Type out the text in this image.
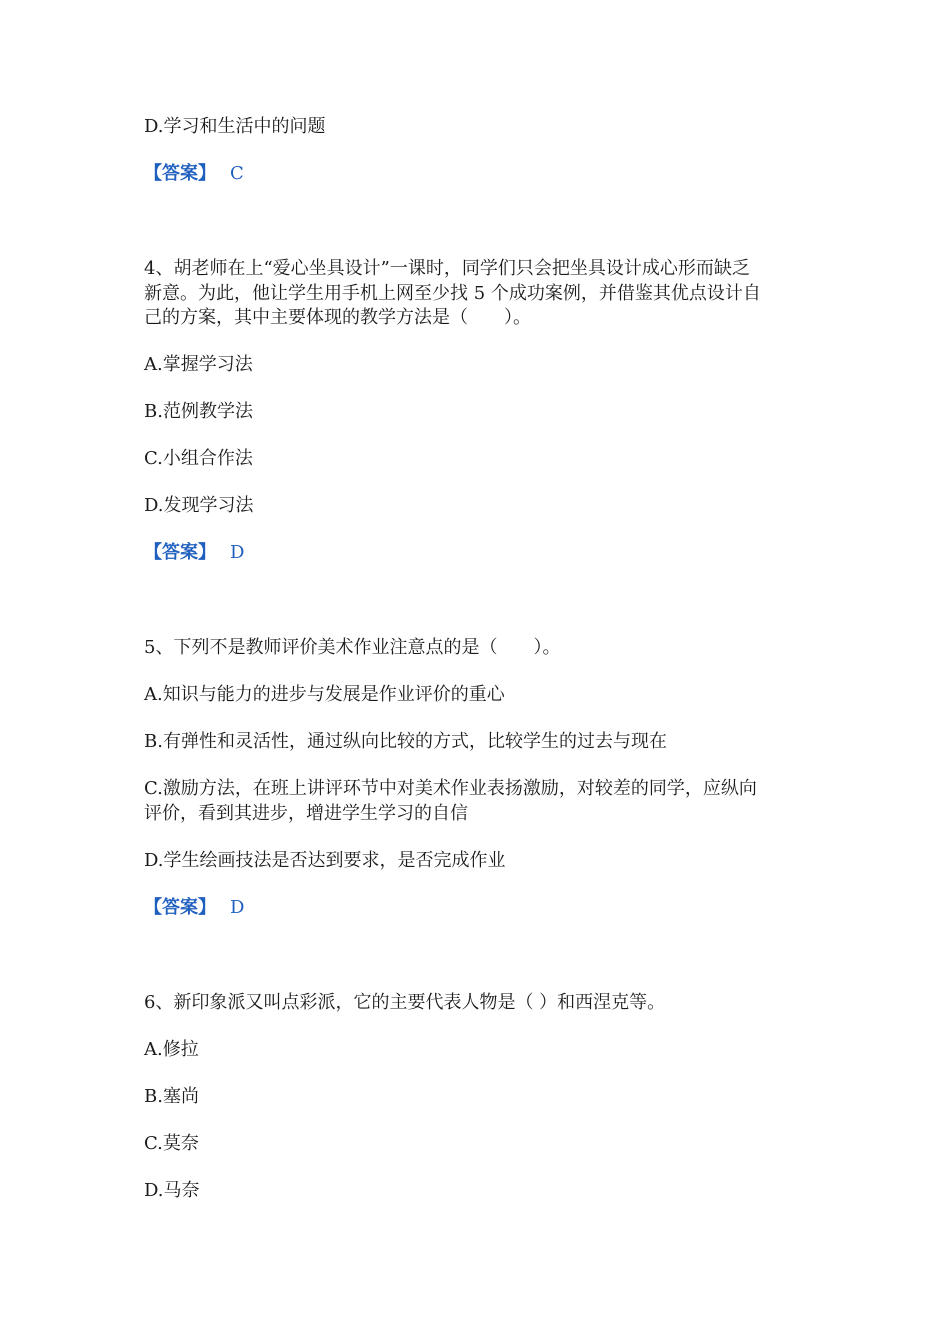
D.学习和生活中的问题
【答案】 C
4、胡老师在上“爱心坐具设计”一课时，同学们只会把坐具设计成心形而缺乏
新意。为此，他让学生用手机上网至少找 5 个成功案例，并借鉴其优点设计自
己的方案，其中主要体现的教学方法是（　　）。
A.掌握学习法
B.范例教学法
C.小组合作法
D.发现学习法
【答案】 D
5、下列不是教师评价美术作业注意点的是（　　）。
A.知识与能力的进步与发展是作业评价的重心
B.有弹性和灵活性，通过纵向比较的方式，比较学生的过去与现在
C.激励方法，在班上讲评环节中对美术作业表扬激励，对较差的同学，应纵向
评价，看到其进步，增进学生学习的自信
D.学生绘画技法是否达到要求，是否完成作业
【答案】 D
6、新印象派又叫点彩派，它的主要代表人物是（ ）和西涅克等。
A.修拉
B.塞尚
C.莫奈
D.马奈
